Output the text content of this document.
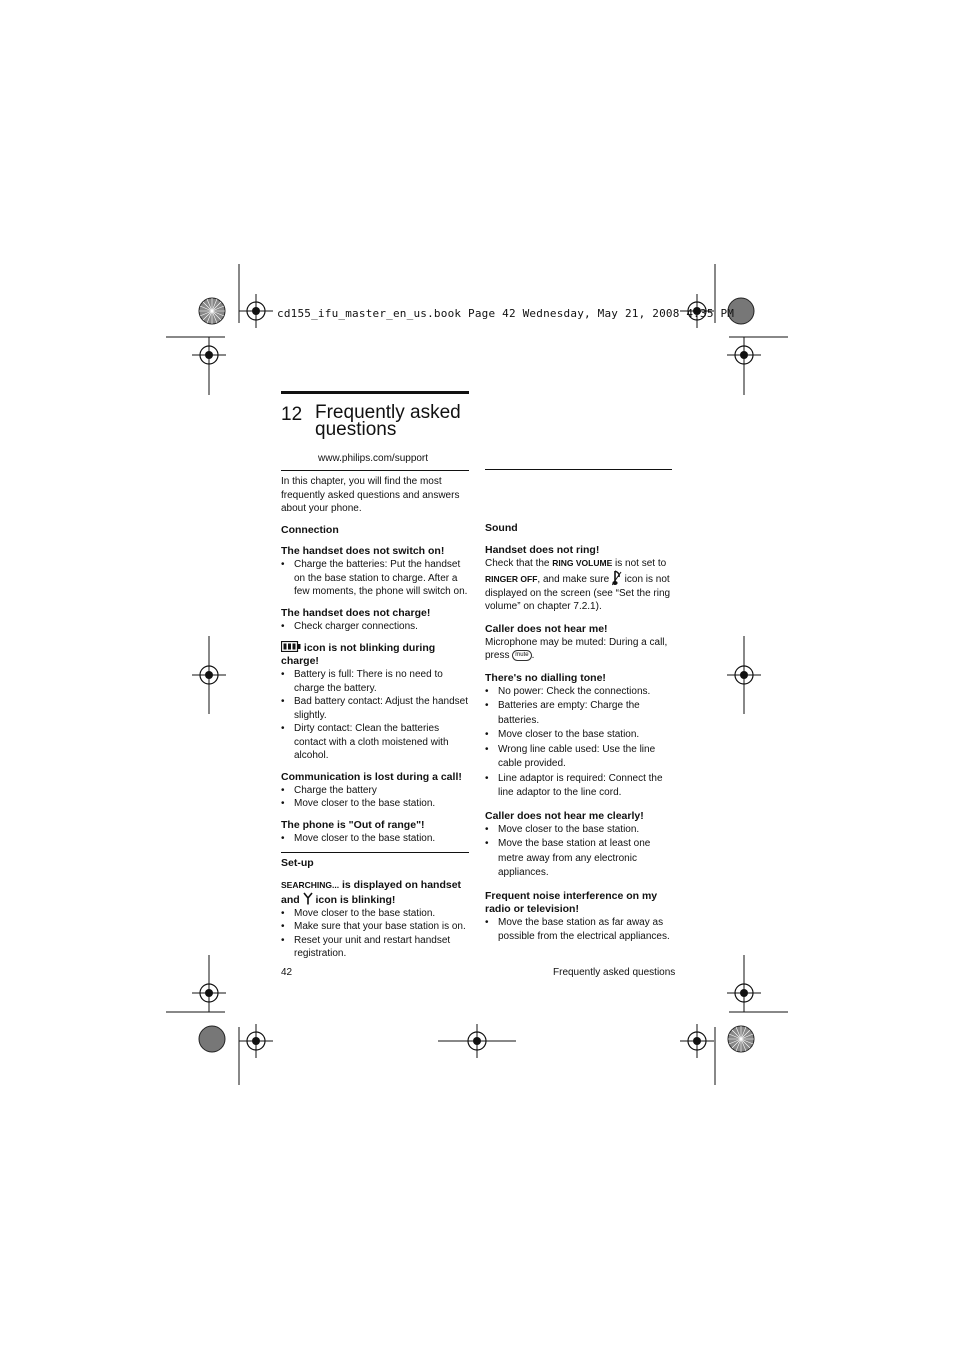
cd155_ifu_master_en_us.book Page 42 Wednesday, May 21, 2008 4:35 PM
12 Frequently asked questions
www.philips.com/support

In this chapter, you will find the most frequently asked questions and answers about your phone.

Connection

The handset does not switch on!

• Charge the batteries: Put the handset on the base station to charge. After a few moments, the phone will switch on.

The handset does not charge!

• Check charger connections.

icon is not blinking during charge!

• Battery is full: There is no need to charge the battery.
• Bad battery contact: Adjust the handset slightly.
• Dirty contact: Clean the batteries contact with a cloth moistened with alcohol.

Communication is lost during a call!

• Charge the battery
• Move closer to the base station.

The phone is "Out of range"!

• Move closer to the base station.

Set-up

SEARCHING... is displayed on handset and  icon is blinking!

• Move closer to the base station.
• Make sure that your base station is on.
• Reset your unit and restart handset registration.

Sound

Handset does not ring!

Check that the RING VOLUME is not set to RINGER OFF, and make sure  icon is not displayed on the screen (see “Set the ring volume” on chapter 7.2.1).

Caller does not hear me!

Microphone may be muted: During a call, press mute .

There's no dialling tone!

• No power: Check the connections.
• Batteries are empty: Charge the batteries.
• Move closer to the base station.
• Wrong line cable used: Use the line cable provided.
• Line adaptor is required: Connect the line adaptor to the line cord.

Caller does not hear me clearly!

• Move closer to the base station.
• Move the base station at least one metre away from any electronic appliances.

Frequent noise interference on my radio or television!

• Move the base station as far away as possible from the electrical appliances.
42	Frequently asked questions
